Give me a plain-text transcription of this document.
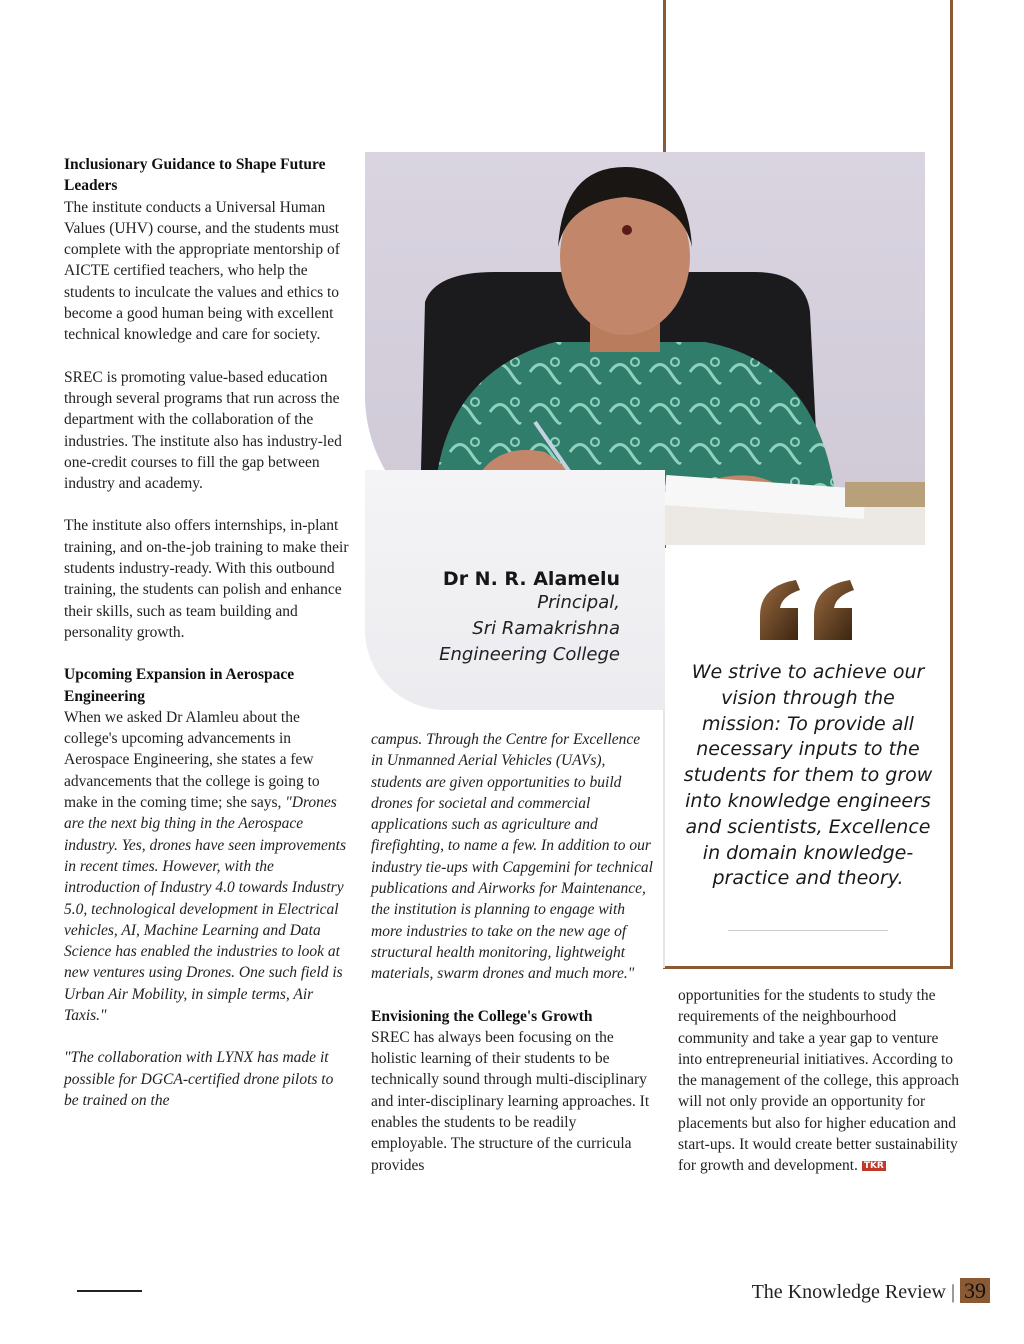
Inclusionary Guidance to Shape Future Leaders

The institute conducts a Universal Human Values (UHV) course, and the students must complete with the appropriate mentorship of AICTE certified teachers, who help the students to inculcate the values and ethics to become a good human being with excellent technical knowledge and care for society.

SREC is promoting value-based education through several programs that run across the department with the collaboration of the industries. The institute also has industry-led one-credit courses to fill the gap between industry and academy.

The institute also offers internships, in-plant training, and on-the-job training to make their students industry-ready. With this outbound training, the students can polish and enhance their skills, such as team building and personality growth.

Upcoming Expansion in Aerospace Engineering

When we asked Dr Alamleu about the college's upcoming advancements in Aerospace Engineering, she states a few advancements that the college is going to make in the coming time; she says, "Drones are the next big thing in the Aerospace industry. Yes, drones have seen improvements in recent times. However, with the introduction of Industry 4.0 towards Industry 5.0, technological development in Electrical vehicles, AI, Machine Learning and Data Science has enabled the industries to look at new ventures using Drones. One such field is Urban Air Mobility, in simple terms, Air Taxis."

"The collaboration with LYNX has made it possible for DGCA-certified drone pilots to be trained on the

Dr N. R. Alamelu
Principal,
Sri Ramakrishna
Engineering College
We strive to achieve our vision through the mission: To provide all necessary inputs to the students for them to grow into knowledge engineers and scientists, Excellence in domain knowledge- practice and theory.

campus. Through the Centre for Excellence in Unmanned Aerial Vehicles (UAVs), students are given opportunities to build drones for societal and commercial applications such as agriculture and firefighting, to name a few. In addition to our industry tie-ups with Capgemini for technical publications and Airworks for Maintenance, the institution is planning to engage with more industries to take on the new age of structural health monitoring, lightweight materials, swarm drones and much more."

Envisioning the College's Growth

SREC has always been focusing on the holistic learning of their students to be technically sound through multi-disciplinary and inter-disciplinary learning approaches. It enables the students to be readily employable. The structure of the curricula provides

opportunities for the students to study the requirements of the neighbourhood community and take a year gap to venture into entrepreneurial initiatives. According to the management of the college, this approach will not only provide an opportunity for placements but also for higher education and start-ups. It would create better sustainability for growth and development. TKR

The Knowledge Review | 39
